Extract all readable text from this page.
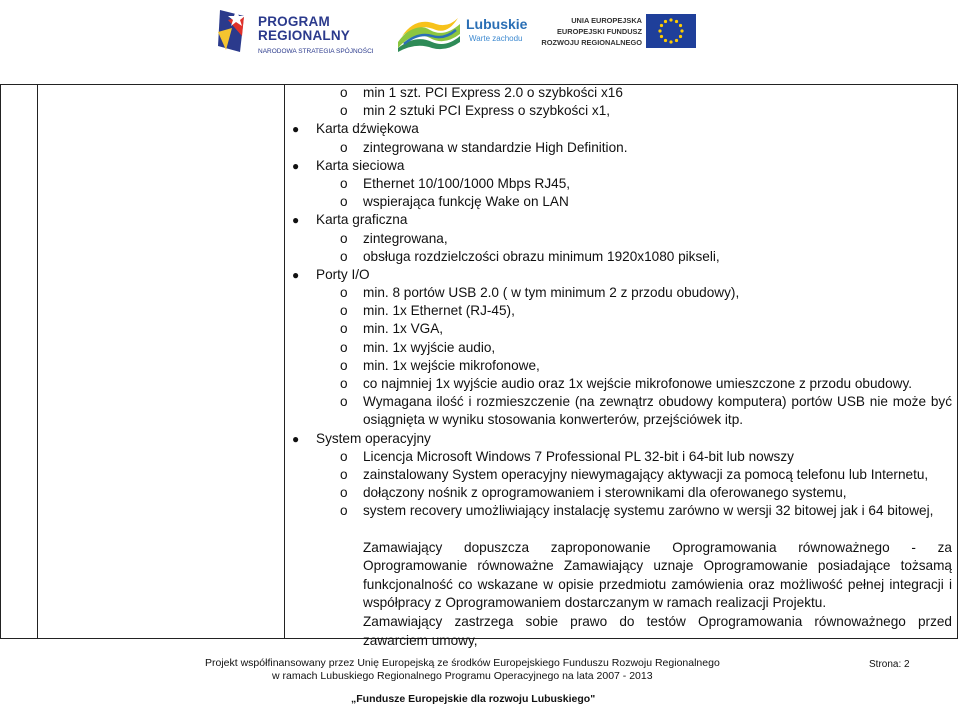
PROGRAM
REGIONALNY
NARODOWA STRATEGIA SPÓJNOŚCI
Lubuskie
Warte zachodu
UNIA EUROPEJSKA
EUROPEJSKI FUNDUSZ
ROZWOJU REGIONALNEGO
o min 1 szt. PCI Express 2.0 o szybkości x16
o min 2 sztuki PCI Express o szybkości x1,
● Karta dźwiękowa
o zintegrowana w standardzie High Definition.
● Karta sieciowa
o Ethernet 10/100/1000 Mbps RJ45,
o wspierająca funkcję Wake on LAN
● Karta graficzna
o zintegrowana,
o obsługa rozdzielczości obrazu minimum 1920x1080 pikseli,
● Porty I/O
o min. 8 portów USB 2.0 ( w tym minimum 2 z przodu obudowy),
o min. 1x Ethernet (RJ-45),
o min. 1x VGA,
o min. 1x wyjście audio,
o min. 1x wejście mikrofonowe,
o co najmniej 1x wyjście audio oraz 1x wejście mikrofonowe umieszczone z przodu obudowy.
o Wymagana ilość i rozmieszczenie (na zewnątrz obudowy komputera) portów USB nie może być osiągnięta w wyniku stosowania konwerterów, przejściówek itp.
● System operacyjny
o Licencja Microsoft Windows 7 Professional PL 32-bit i 64-bit lub nowszy
o zainstalowany System operacyjny niewymagający aktywacji za pomocą telefonu lub Internetu,
o dołączony nośnik z oprogramowaniem i sterownikami dla oferowanego systemu,
o system recovery umożliwiający instalację systemu zarówno w wersji 32 bitowej jak i 64 bitowej,
Zamawiający dopuszcza zaproponowanie Oprogramowania równoważnego - za Oprogramowanie równoważne Zamawiający uznaje Oprogramowanie posiadające tożsamą funkcjonalność co wskazane w opisie przedmiotu zamówienia oraz możliwość pełnej integracji i współpracy z Oprogramowaniem dostarczanym w ramach realizacji Projektu.
Zamawiający zastrzega sobie prawo do testów Oprogramowania równoważnego przed zawarciem umowy,
Projekt współfinansowany przez Unię Europejską ze środków Europejskiego Funduszu Rozwoju Regionalnego
w ramach Lubuskiego Regionalnego Programu Operacyjnego na lata 2007 - 2013
„Fundusze Europejskie dla rozwoju Lubuskiego"
Strona: 2
